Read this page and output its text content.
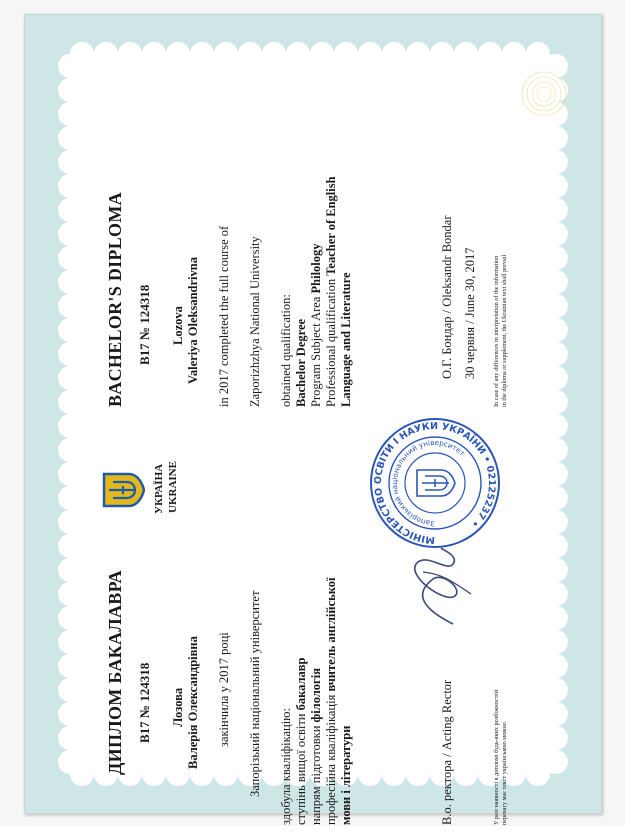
ДИПЛОМ БАКАЛАВРА В17 № 124318 Лозова Валерія Олександрівна закінчила у 2017 році Запорізький національний університет здобула кваліфікацію: ступінь вищої освіти бакалавр
напрям підготовки філологія професійна кваліфікація вчитель англійської
мови і літератури	В.о. ректора / Acting Rector	У разі наявності в дипломі будь-яких розбіжностей перевагу має текст українською мовою
УКРАЇНА UKRAINE
МІНІСТЕРСТВО ОСВІТИ І НАУКИ УКРАЇНИ • 02125237 •
Запорізький національний університет
BACHELOR'S DIPLOMA В17 № 124318 Lozova Valeriya Oleksandrivna in 2017 completed the full course of Zaporizhzhya National University obtained qualification: Bachelor Degree Program Subject Area Philology
Professional qualification Teacher of English
Language and Literature	О.Г. Бондар / Oleksandr Bondar 30 червня / June 30, 2017	In case of any differences in interpretation of the information in the diploma or supplement, the Ukrainian text shall prevail
